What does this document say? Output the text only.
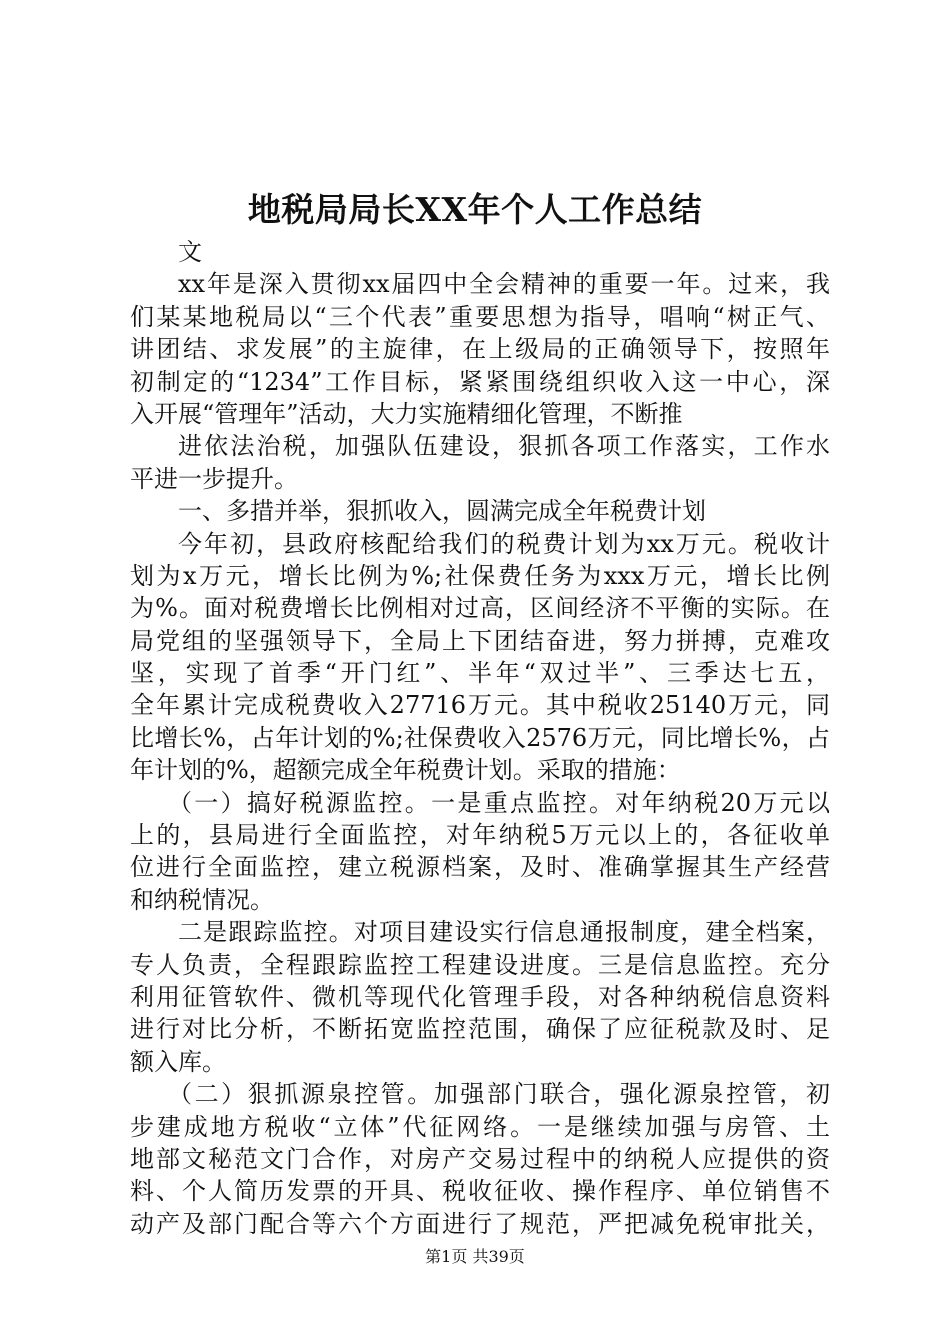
地税局局长XX年个人工作总结
文
xx年是深入贯彻xx届四中全会精神的重要一年。过来，我
们某某地税局以“三个代表”重要思想为指导，唱响“树正气、
讲团结、求发展”的主旋律，在上级局的正确领导下，按照年
初制定的“1234”工作目标，紧紧围绕组织收入这一中心，深
入开展“管理年”活动，大力实施精细化管理，不断推
进依法治税，加强队伍建设，狠抓各项工作落实，工作水
平进一步提升。
一、多措并举，狠抓收入，圆满完成全年税费计划
今年初，县政府核配给我们的税费计划为xx万元。税收计
划为x万元，增长比例为%;社保费任务为xxx万元，增长比例
为%。面对税费增长比例相对过高，区间经济不平衡的实际。在
局党组的坚强领导下，全局上下团结奋进，努力拼搏，克难攻
坚，实现了首季“开门红”、半年“双过半”、三季达七五，
全年累计完成税费收入27716万元。其中税收25140万元，同
比增长%，占年计划的%;社保费收入2576万元，同比增长%，占
年计划的%，超额完成全年税费计划。采取的措施：
（一）搞好税源监控。一是重点监控。对年纳税20万元以
上的，县局进行全面监控，对年纳税5万元以上的，各征收单
位进行全面监控，建立税源档案，及时、准确掌握其生产经营
和纳税情况。
二是跟踪监控。对项目建设实行信息通报制度，建全档案，
专人负责，全程跟踪监控工程建设进度。三是信息监控。充分
利用征管软件、微机等现代化管理手段，对各种纳税信息资料
进行对比分析，不断拓宽监控范围，确保了应征税款及时、足
额入库。
（二）狠抓源泉控管。加强部门联合，强化源泉控管，初
步建成地方税收“立体”代征网络。一是继续加强与房管、土
地部文秘范文门合作，对房产交易过程中的纳税人应提供的资
料、个人简历发票的开具、税收征收、操作程序、单位销售不
动产及部门配合等六个方面进行了规范，严把减免税审批关，
第1页 共39页
